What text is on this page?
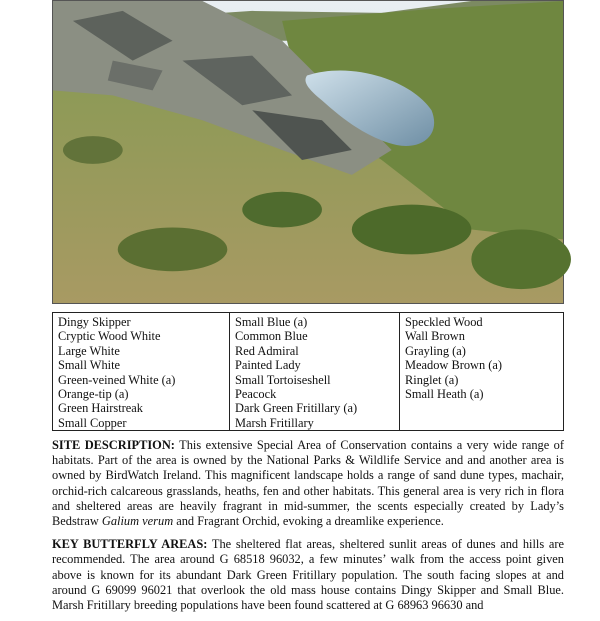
Dingy Skipper
Cryptic Wood White
Large White
Small White
Green-veined White (a)
Orange-tip (a)
Green Hairstreak
Small Copper
Small Blue (a)
Common Blue
Red Admiral
Painted Lady
Small Tortoiseshell
Peacock
Dark Green Fritillary (a)
Marsh Fritillary
Speckled Wood
Wall Brown
Grayling (a)
Meadow Brown (a)
Ringlet (a)
Small Heath (a)

SITE DESCRIPTION: This extensive Special Area of Conservation contains a very wide range of habitats. Part of the area is owned by the National Parks & Wildlife Service and and another area is owned by BirdWatch Ireland. This magnificent landscape holds a range of sand dune types, machair, orchid-rich calcareous grasslands, heaths, fen and other habitats. This general area is very rich in flora and sheltered areas are heavily fragrant in mid-summer, the scents especially created by Lady’s Bedstraw Galium verum and Fragrant Orchid, evoking a dreamlike experience.

KEY BUTTERFLY AREAS: The sheltered flat areas, sheltered sunlit areas of dunes and hills are recommended. The area around G 68518 96032, a few minutes’ walk from the access point given above is known for its abundant Dark Green Fritillary population. The south facing slopes at and around G 69099 96021 that overlook the old mass house contains Dingy Skipper and Small Blue. Marsh Fritillary breeding populations have been found scattered at G 68963 96630 and
